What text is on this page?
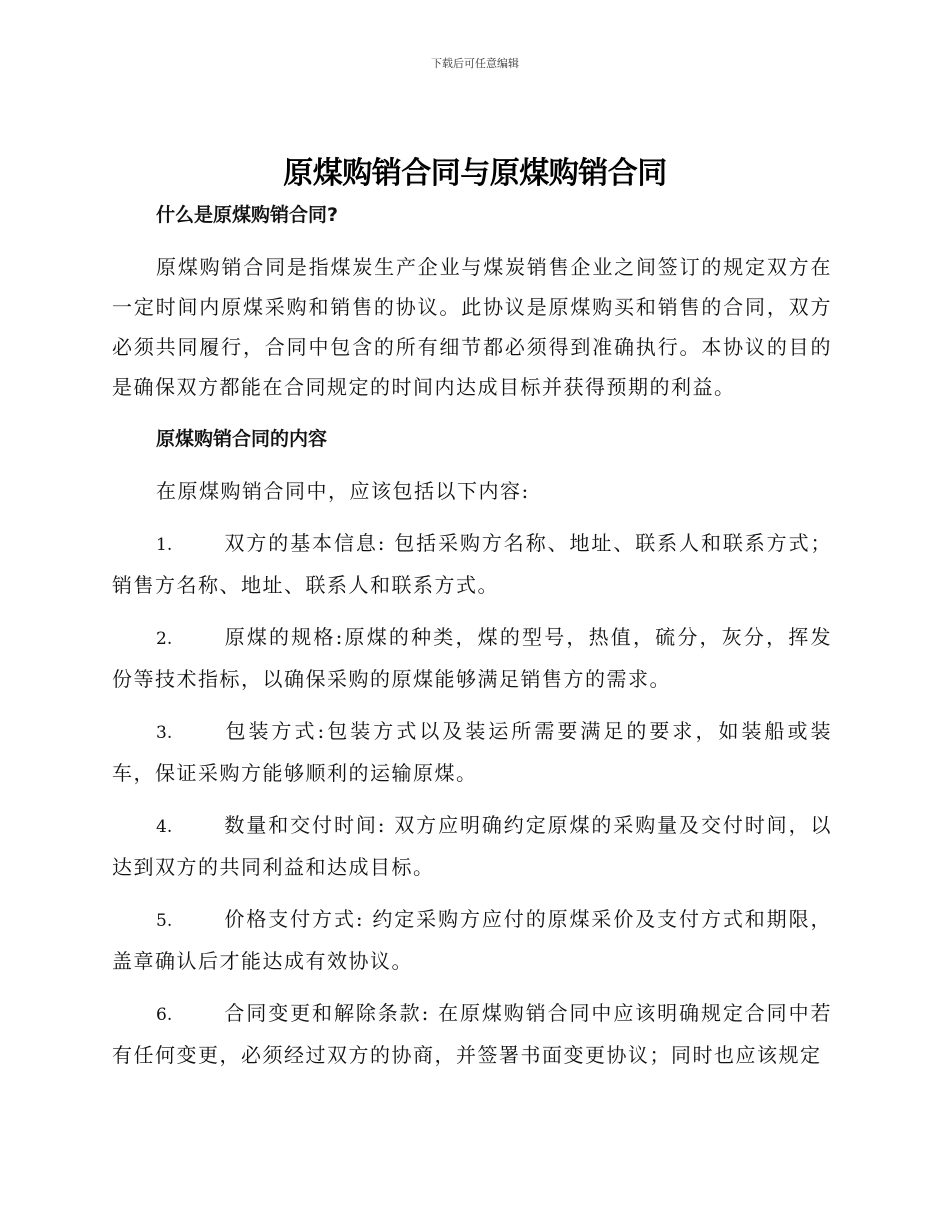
下载后可任意编辑
原煤购销合同与原煤购销合同

什么是原煤购销合同?

原煤购销合同是指煤炭生产企业与煤炭销售企业之间签订的规定双方在一定时间内原煤采购和销售的协议。此协议是原煤购买和销售的合同，双方必须共同履行，合同中包含的所有细节都必须得到准确执行。本协议的目的是确保双方都能在合同规定的时间内达成目标并获得预期的利益。

原煤购销合同的内容

在原煤购销合同中，应该包括以下内容:

1.	双方的基本信息: 包括采购方名称、地址、联系人和联系方式；销售方名称、地址、联系人和联系方式。

2.	原煤的规格:原煤的种类，煤的型号，热值，硫分，灰分，挥发份等技术指标，以确保采购的原煤能够满足销售方的需求。

3.	包装方式:包装方式以及装运所需要满足的要求，如装船或装车，保证采购方能够顺利的运输原煤。

4.	数量和交付时间: 双方应明确约定原煤的采购量及交付时间，以达到双方的共同利益和达成目标。

5.	价格支付方式: 约定采购方应付的原煤采价及支付方式和期限，盖章确认后才能达成有效协议。

6.	合同变更和解除条款: 在原煤购销合同中应该明确规定合同中若有任何变更，必须经过双方的协商，并签署书面变更协议；同时也应该规定
